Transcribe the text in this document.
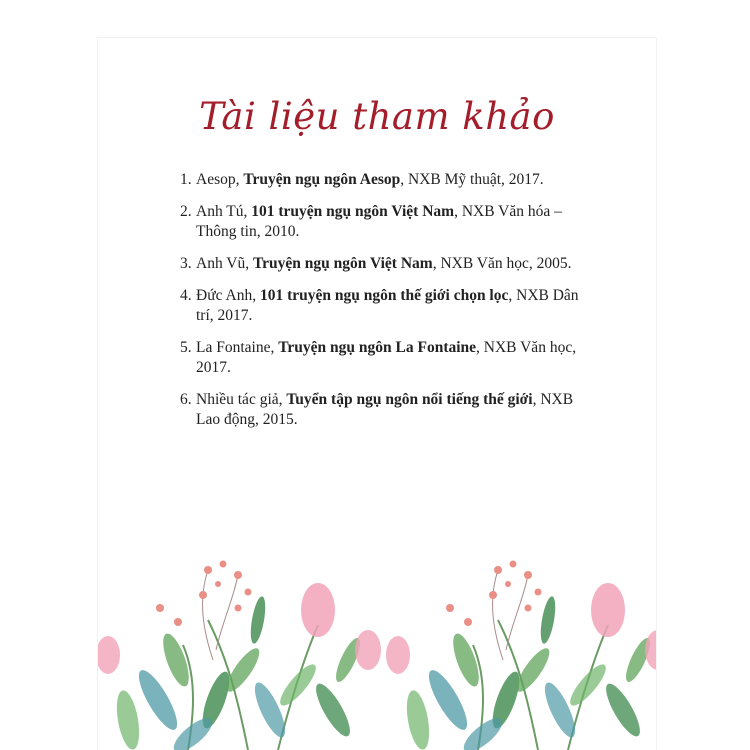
Tài liệu tham khảo
1. Aesop, Truyện ngụ ngôn Aesop, NXB Mỹ thuật, 2017.
2. Anh Tú, 101 truyện ngụ ngôn Việt Nam, NXB Văn hóa – Thông tin, 2010.
3. Anh Vũ, Truyện ngụ ngôn Việt Nam, NXB Văn học, 2005.
4. Đức Anh, 101 truyện ngụ ngôn thế giới chọn lọc, NXB Dân trí, 2017.
5. La Fontaine, Truyện ngụ ngôn La Fontaine, NXB Văn học, 2017.
6. Nhiều tác giả, Tuyển tập ngụ ngôn nổi tiếng thế giới, NXB Lao động, 2015.
